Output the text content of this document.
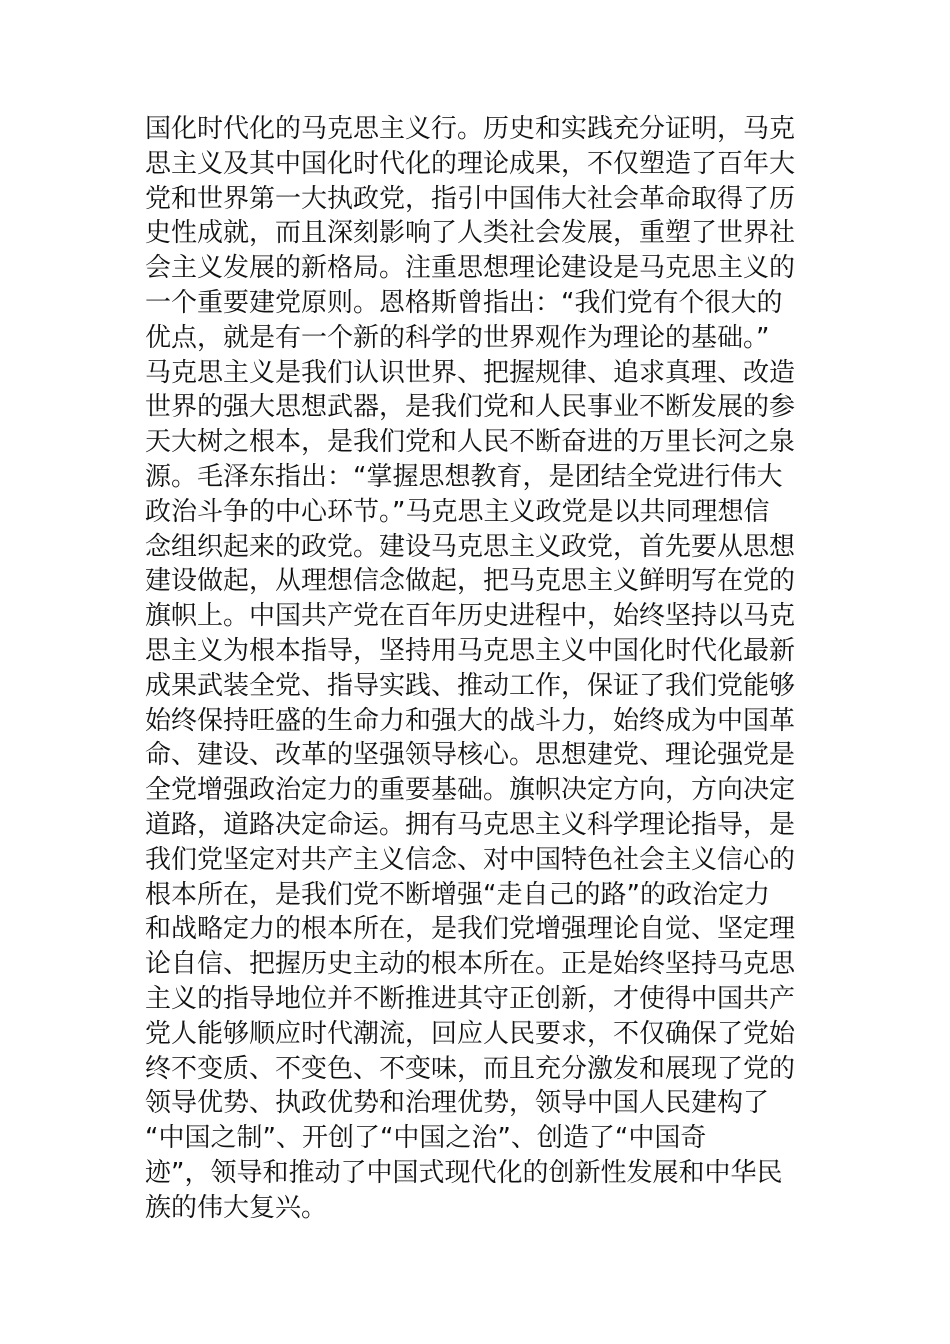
国化时代化的马克思主义行。历史和实践充分证明，马克
思主义及其中国化时代化的理论成果，不仅塑造了百年大
党和世界第一大执政党，指引中国伟大社会革命取得了历
史性成就，而且深刻影响了人类社会发展，重塑了世界社
会主义发展的新格局。注重思想理论建设是马克思主义的
一个重要建党原则。恩格斯曾指出：“我们党有个很大的
优点，就是有一个新的科学的世界观作为理论的基础。”
马克思主义是我们认识世界、把握规律、追求真理、改造
世界的强大思想武器，是我们党和人民事业不断发展的参
天大树之根本，是我们党和人民不断奋进的万里长河之泉
源。毛泽东指出：“掌握思想教育，是团结全党进行伟大
政治斗争的中心环节。”马克思主义政党是以共同理想信
念组织起来的政党。建设马克思主义政党，首先要从思想
建设做起，从理想信念做起，把马克思主义鲜明写在党的
旗帜上。中国共产党在百年历史进程中，始终坚持以马克
思主义为根本指导，坚持用马克思主义中国化时代化最新
成果武装全党、指导实践、推动工作，保证了我们党能够
始终保持旺盛的生命力和强大的战斗力，始终成为中国革
命、建设、改革的坚强领导核心。思想建党、理论强党是
全党增强政治定力的重要基础。旗帜决定方向，方向决定
道路，道路决定命运。拥有马克思主义科学理论指导，是
我们党坚定对共产主义信念、对中国特色社会主义信心的
根本所在，是我们党不断增强“走自己的路”的政治定力
和战略定力的根本所在，是我们党增强理论自觉、坚定理
论自信、把握历史主动的根本所在。正是始终坚持马克思
主义的指导地位并不断推进其守正创新，才使得中国共产
党人能够顺应时代潮流，回应人民要求，不仅确保了党始
终不变质、不变色、不变味，而且充分激发和展现了党的
领导优势、执政优势和治理优势，领导中国人民建构了
“中国之制”、开创了“中国之治”、创造了“中国奇
迹”，领导和推动了中国式现代化的创新性发展和中华民
族的伟大复兴。
